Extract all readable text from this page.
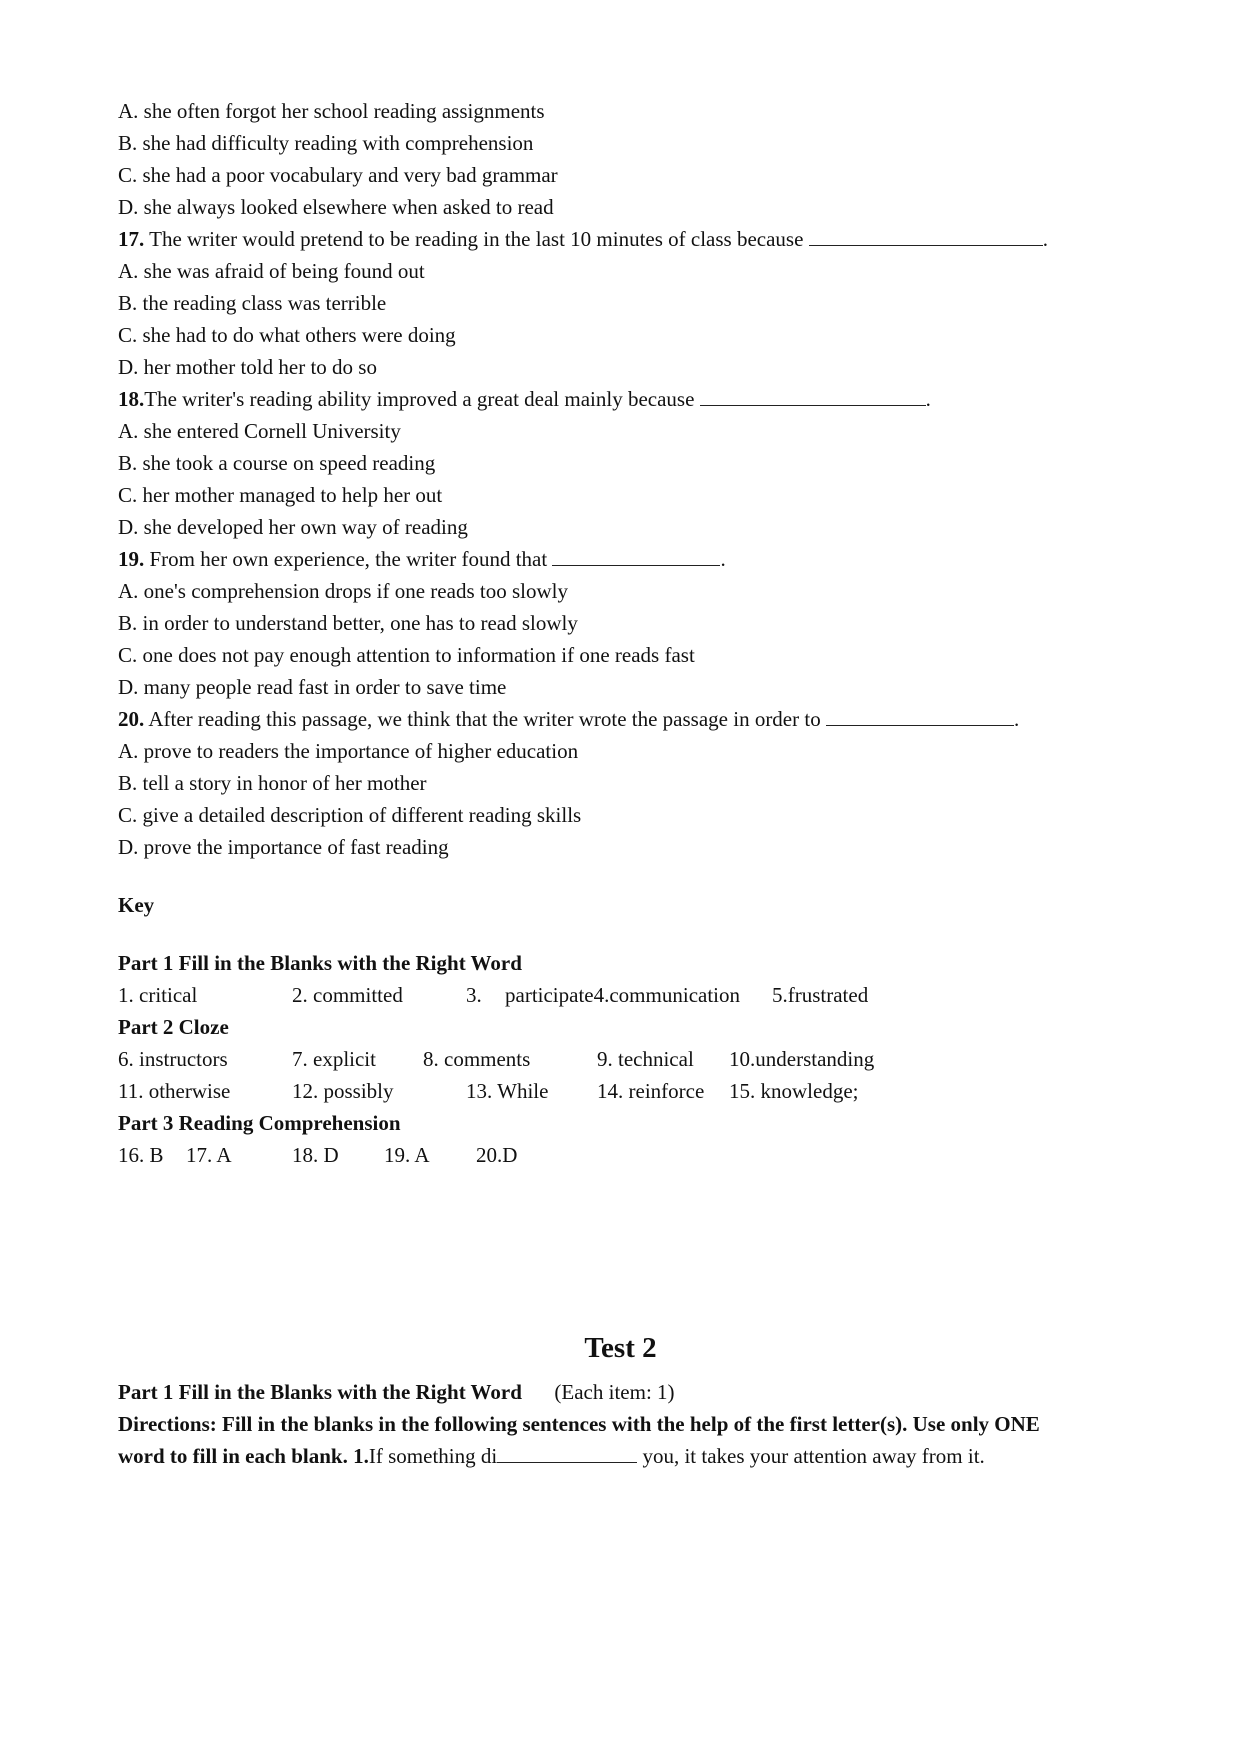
A. she often forgot her school reading assignments
B. she had difficulty reading with comprehension
C. she had a poor vocabulary and very bad grammar
D. she always looked elsewhere when asked to read
17. The writer would pretend to be reading in the last 10 minutes of class because	.
A. she was afraid of being found out
B. the reading class was terrible
C. she had to do what others were doing
D. her mother told her to do so
18.The writer's reading ability improved a great deal mainly because	.
A. she entered Cornell University
B. she took a course on speed reading
C. her mother managed to help her out
D. she developed her own way of reading
19. From her own experience, the writer found that	.
A. one's comprehension drops if one reads too slowly
B. in order to understand better, one has to read slowly
C. one does not pay enough attention to information if one reads fast
D. many people read fast in order to save time
20. After reading this passage, we think that the writer wrote the passage in order to	.
A. prove to readers the importance of higher education
B. tell a story in honor of her mother
C. give a detailed description of different reading skills
D. prove the importance of fast reading
Key
Part 1 Fill in the Blanks with the Right Word
1. critical	2. committed	3. participate4.communication 5.frustrated
Part 2 Cloze
6. instructors	7. explicit 8. comments	9. technical 10.understanding
11. otherwise	12. possibly	13. While 14. reinforce 15. knowledge;
Part 3 Reading Comprehension
16. B 17. A	18. D 19. A 20.D
Test 2
Part 1 Fill in the Blanks with the Right Word (Each item: 1)
Directions: Fill in the blanks in the following sentences with the help of the first letter(s). Use only ONE
word to fill in each blank. 1.If something di	you, it takes your attention away from it.
